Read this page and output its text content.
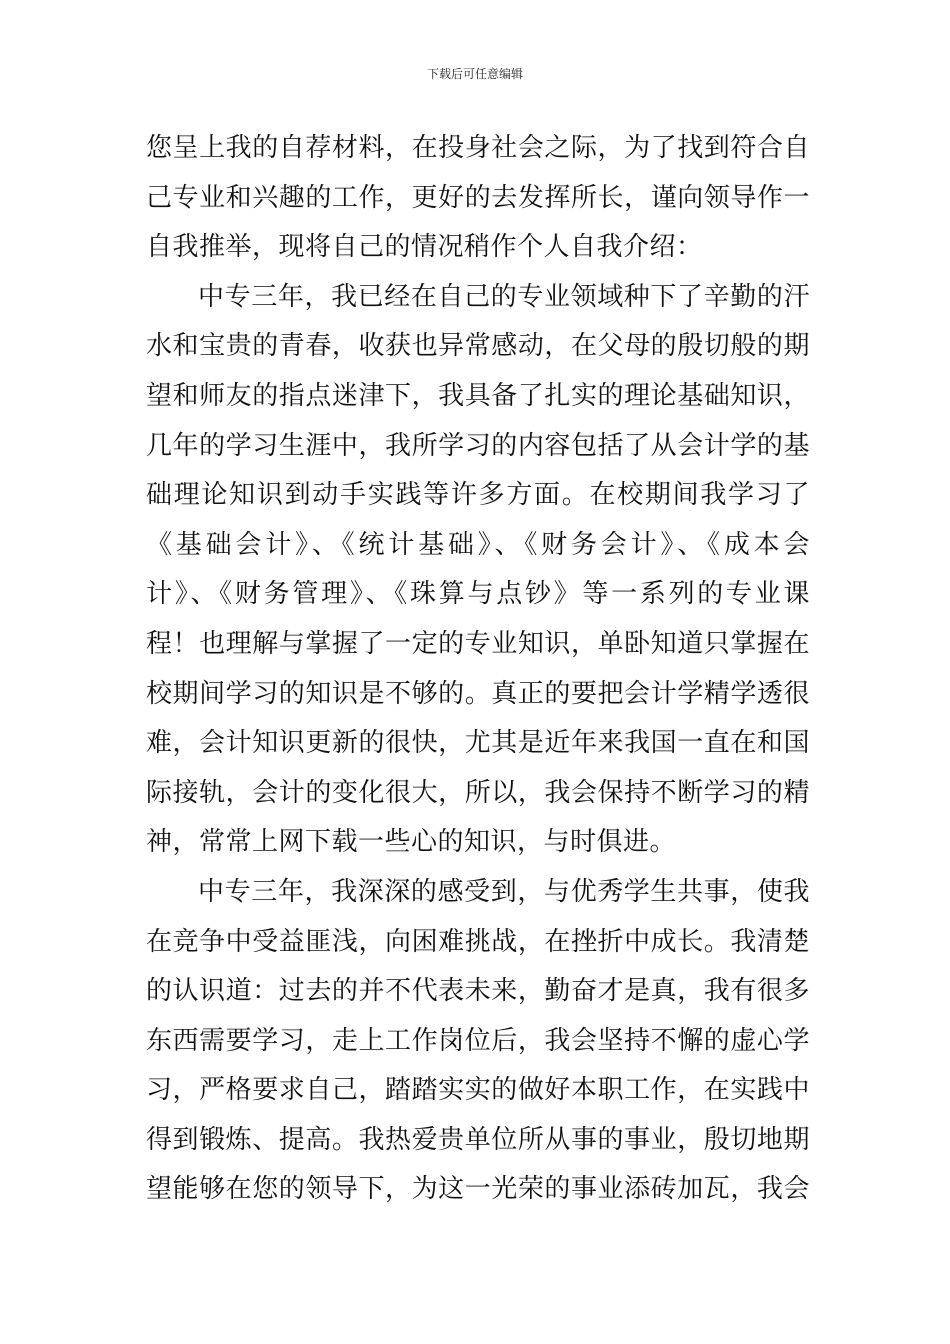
下载后可任意编辑
您呈上我的自荐材料，在投身社会之际，为了找到符合自
己专业和兴趣的工作，更好的去发挥所长，谨向领导作一
自我推举，现将自己的情况稍作个人自我介绍：
中专三年，我已经在自己的专业领域种下了辛勤的汗
水和宝贵的青春，收获也异常感动，在父母的殷切般的期
望和师友的指点迷津下，我具备了扎实的理论基础知识，
几年的学习生涯中，我所学习的内容包括了从会计学的基
础理论知识到动手实践等许多方面。在校期间我学习了
《基础会计》、《统计基础》、《财务会计》、《成本会
计》、《财务管理》、《珠算与点钞》等一系列的专业课
程！也理解与掌握了一定的专业知识，单卧知道只掌握在
校期间学习的知识是不够的。真正的要把会计学精学透很
难，会计知识更新的很快，尤其是近年来我国一直在和国
际接轨，会计的变化很大，所以，我会保持不断学习的精
神，常常上网下载一些心的知识，与时俱进。
中专三年，我深深的感受到，与优秀学生共事，使我
在竞争中受益匪浅，向困难挑战，在挫折中成长。我清楚
的认识道：过去的并不代表未来，勤奋才是真，我有很多
东西需要学习，走上工作岗位后，我会坚持不懈的虚心学
习，严格要求自己，踏踏实实的做好本职工作，在实践中
得到锻炼、提高。我热爱贵单位所从事的事业，殷切地期
望能够在您的领导下，为这一光荣的事业添砖加瓦，我会
